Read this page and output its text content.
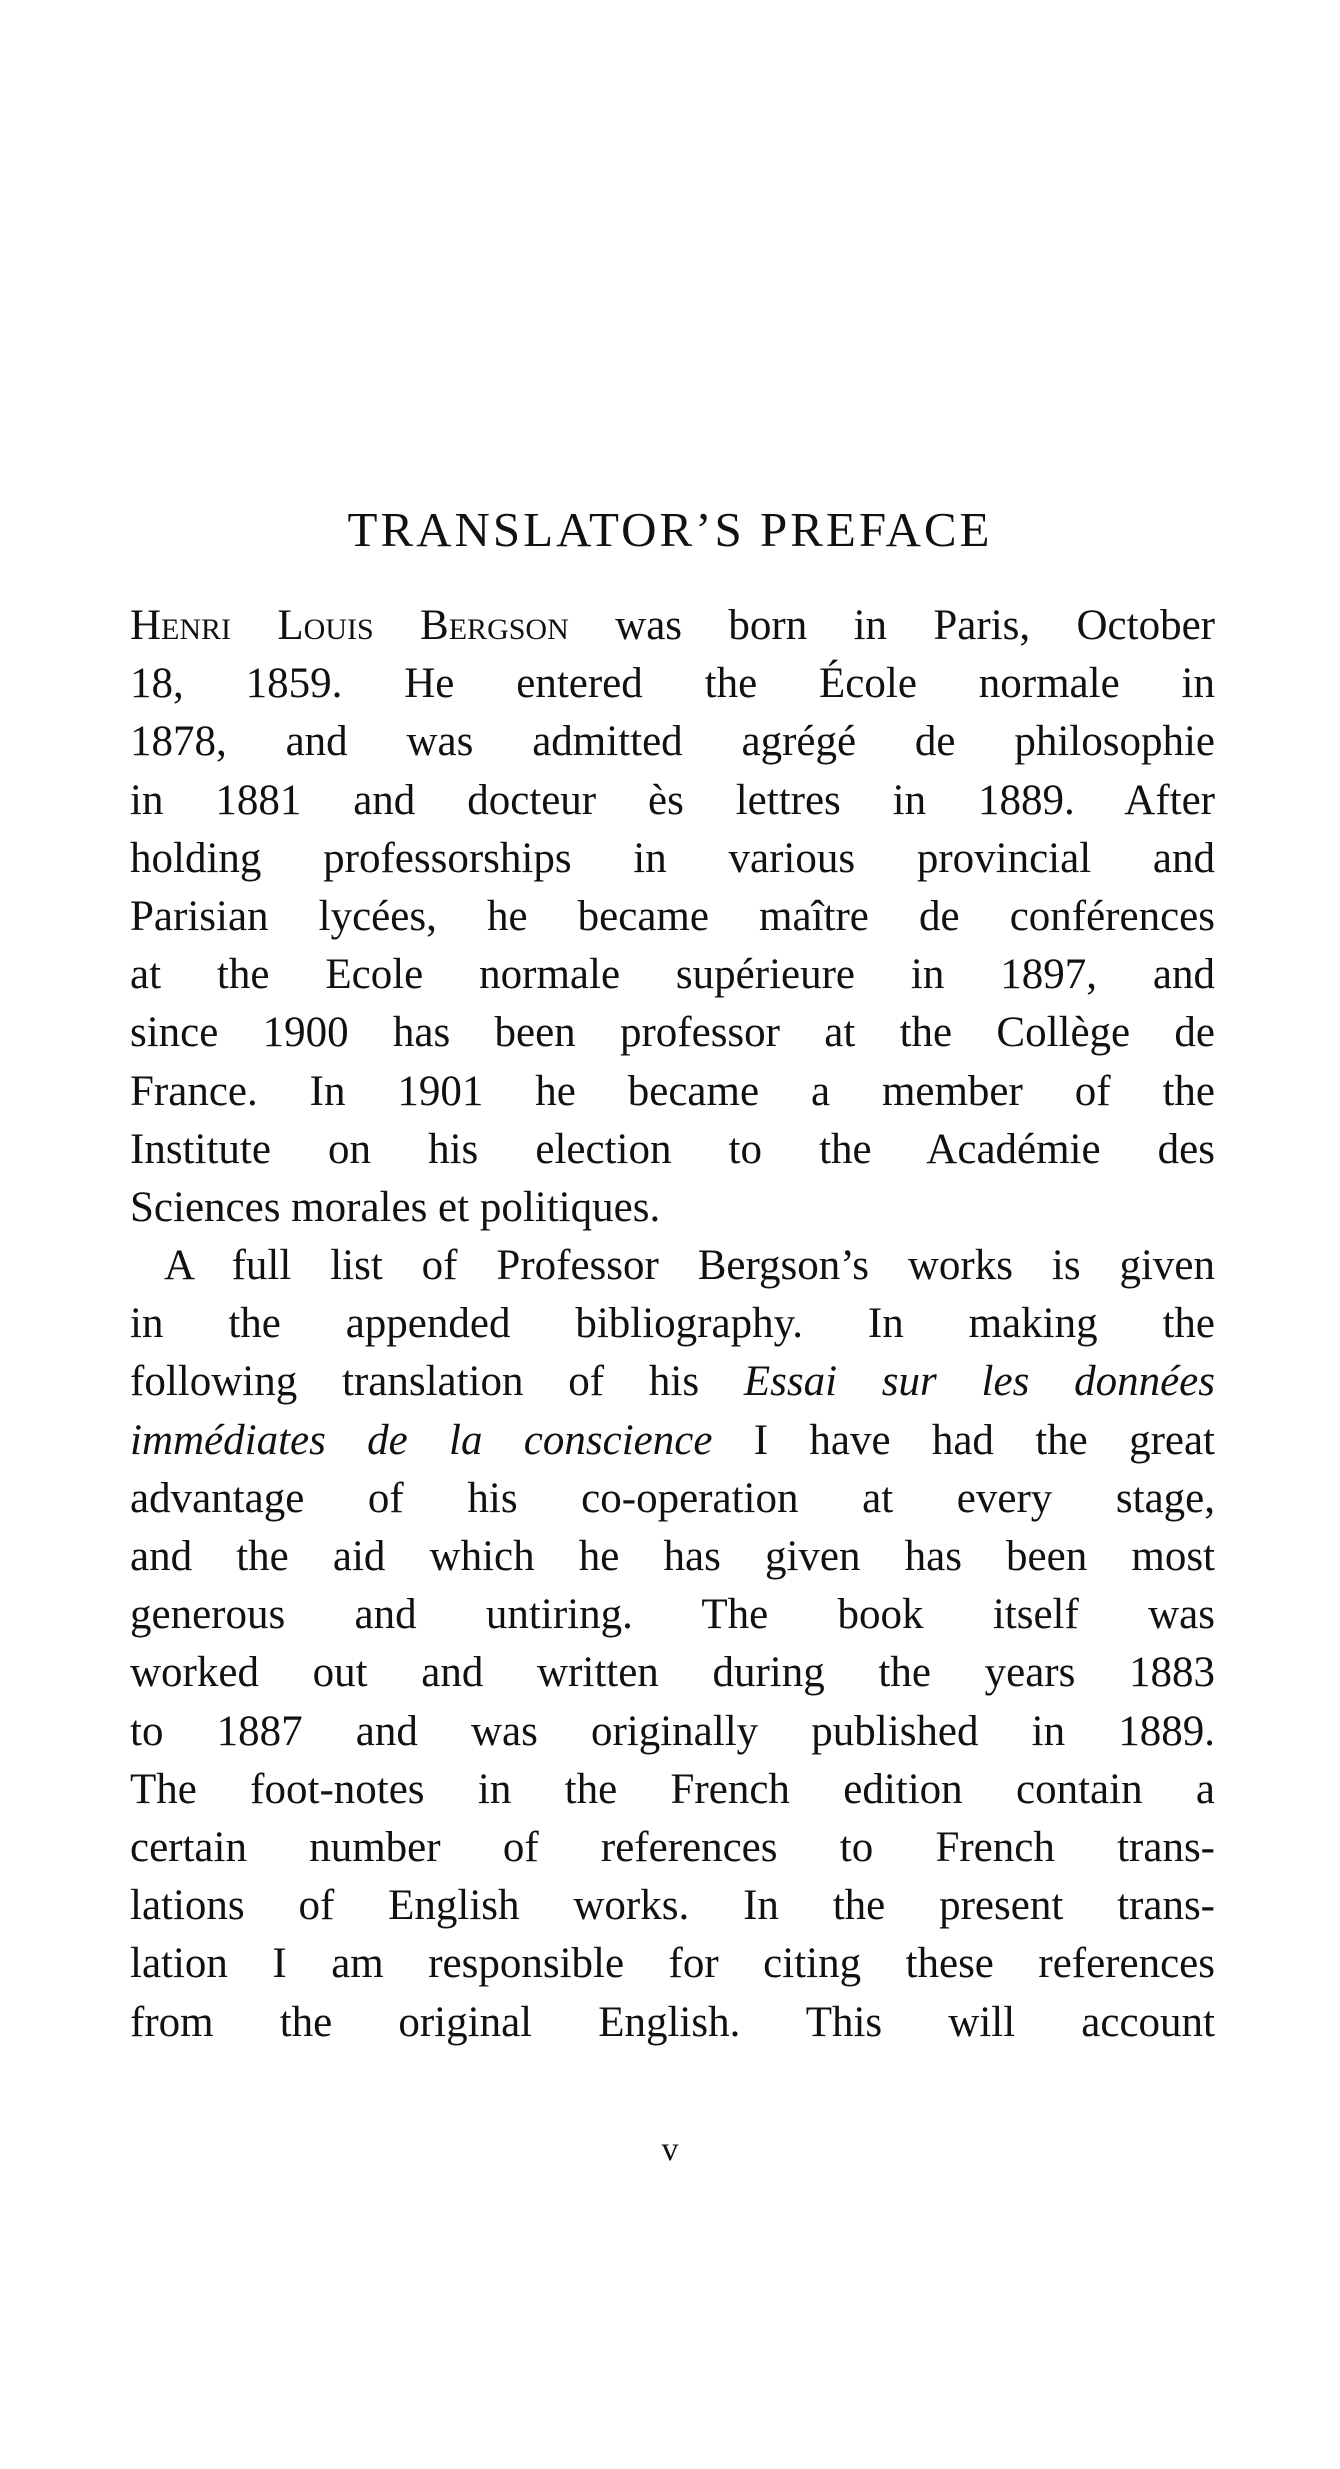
TRANSLATOR’S PREFACE
Henri Louis Bergson was born in Paris, October
18, 1859. He entered the École normale in
1878, and was admitted agrégé de philosophie
in 1881 and docteur ès lettres in 1889. After
holding professorships in various provincial and
Parisian lycées, he became maître de conférences
at the Ecole normale supérieure in 1897, and
since 1900 has been professor at the Collège de
France. In 1901 he became a member of the
Institute on his election to the Académie des
Sciences morales et politiques.
A full list of Professor Bergson’s works is given
in the appended bibliography. In making the
following translation of his Essai sur les données
immédiates de la conscience I have had the great
advantage of his co-operation at every stage,
and the aid which he has given has been most
generous and untiring. The book itself was
worked out and written during the years 1883
to 1887 and was originally published in 1889.
The foot-notes in the French edition contain a
certain number of references to French trans-
lations of English works. In the present trans-
lation I am responsible for citing these references
from the original English. This will account
v
